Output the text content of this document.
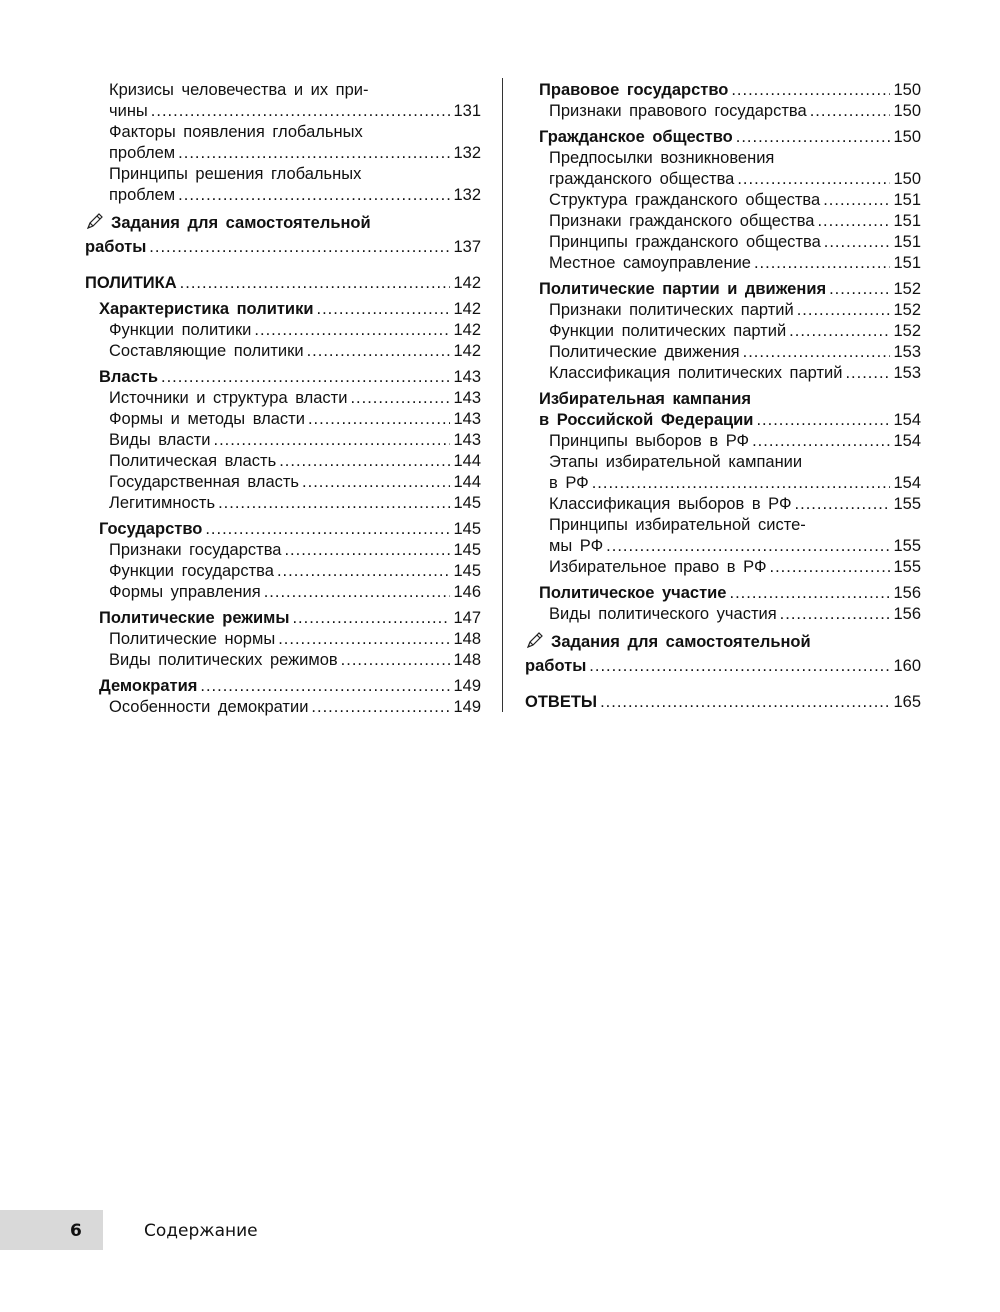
Кризисы человечества и их при-
чины .....	131
Факторы появления глобальных
проблем .....	132
Принципы решения глобальных
проблем .....	132
Задания для самостоятельной
работы .....	137
ПОЛИТИКА .....	142
Характеристика политики .....	142
Функции политики .....	142
Составляющие политики .....	142
Власть .....	143
Источники и структура власти .....	143
Формы и методы власти .....	143
Виды власти .....	143
Политическая власть .....	144
Государственная власть .....	144
Легитимность .....	145
Государство .....	145
Признаки государства .....	145
Функции государства .....	145
Формы управления .....	146
Политические режимы .....	147
Политические нормы .....	148
Виды политических режимов .....	148
Демократия .....	149
Особенности демократии .....	149
Правовое государство .....	150
Признаки правового государства .....	150
Гражданское общество .....	150
Предпосылки возникновения
гражданского общества .....	150
Структура гражданского общества .....	151
Признаки гражданского общества .....	151
Принципы гражданского общества .....	151
Местное самоуправление .....	151
Политические партии и движения .....	152
Признаки политических партий .....	152
Функции политических партий .....	152
Политические движения .....	153
Классификация политических партий .....	153
Избирательная кампания
в Российской Федерации .....	154
Принципы выборов в РФ .....	154
Этапы избирательной кампании
в РФ .....	154
Классификация выборов в РФ .....	155
Принципы избирательной систе-
мы РФ .....	155
Избирательное право в РФ .....	155
Политическое участие .....	156
Виды политического участия .....	156
Задания для самостоятельной
работы .....	160
ОТВЕТЫ .....	165
6	Содержание
